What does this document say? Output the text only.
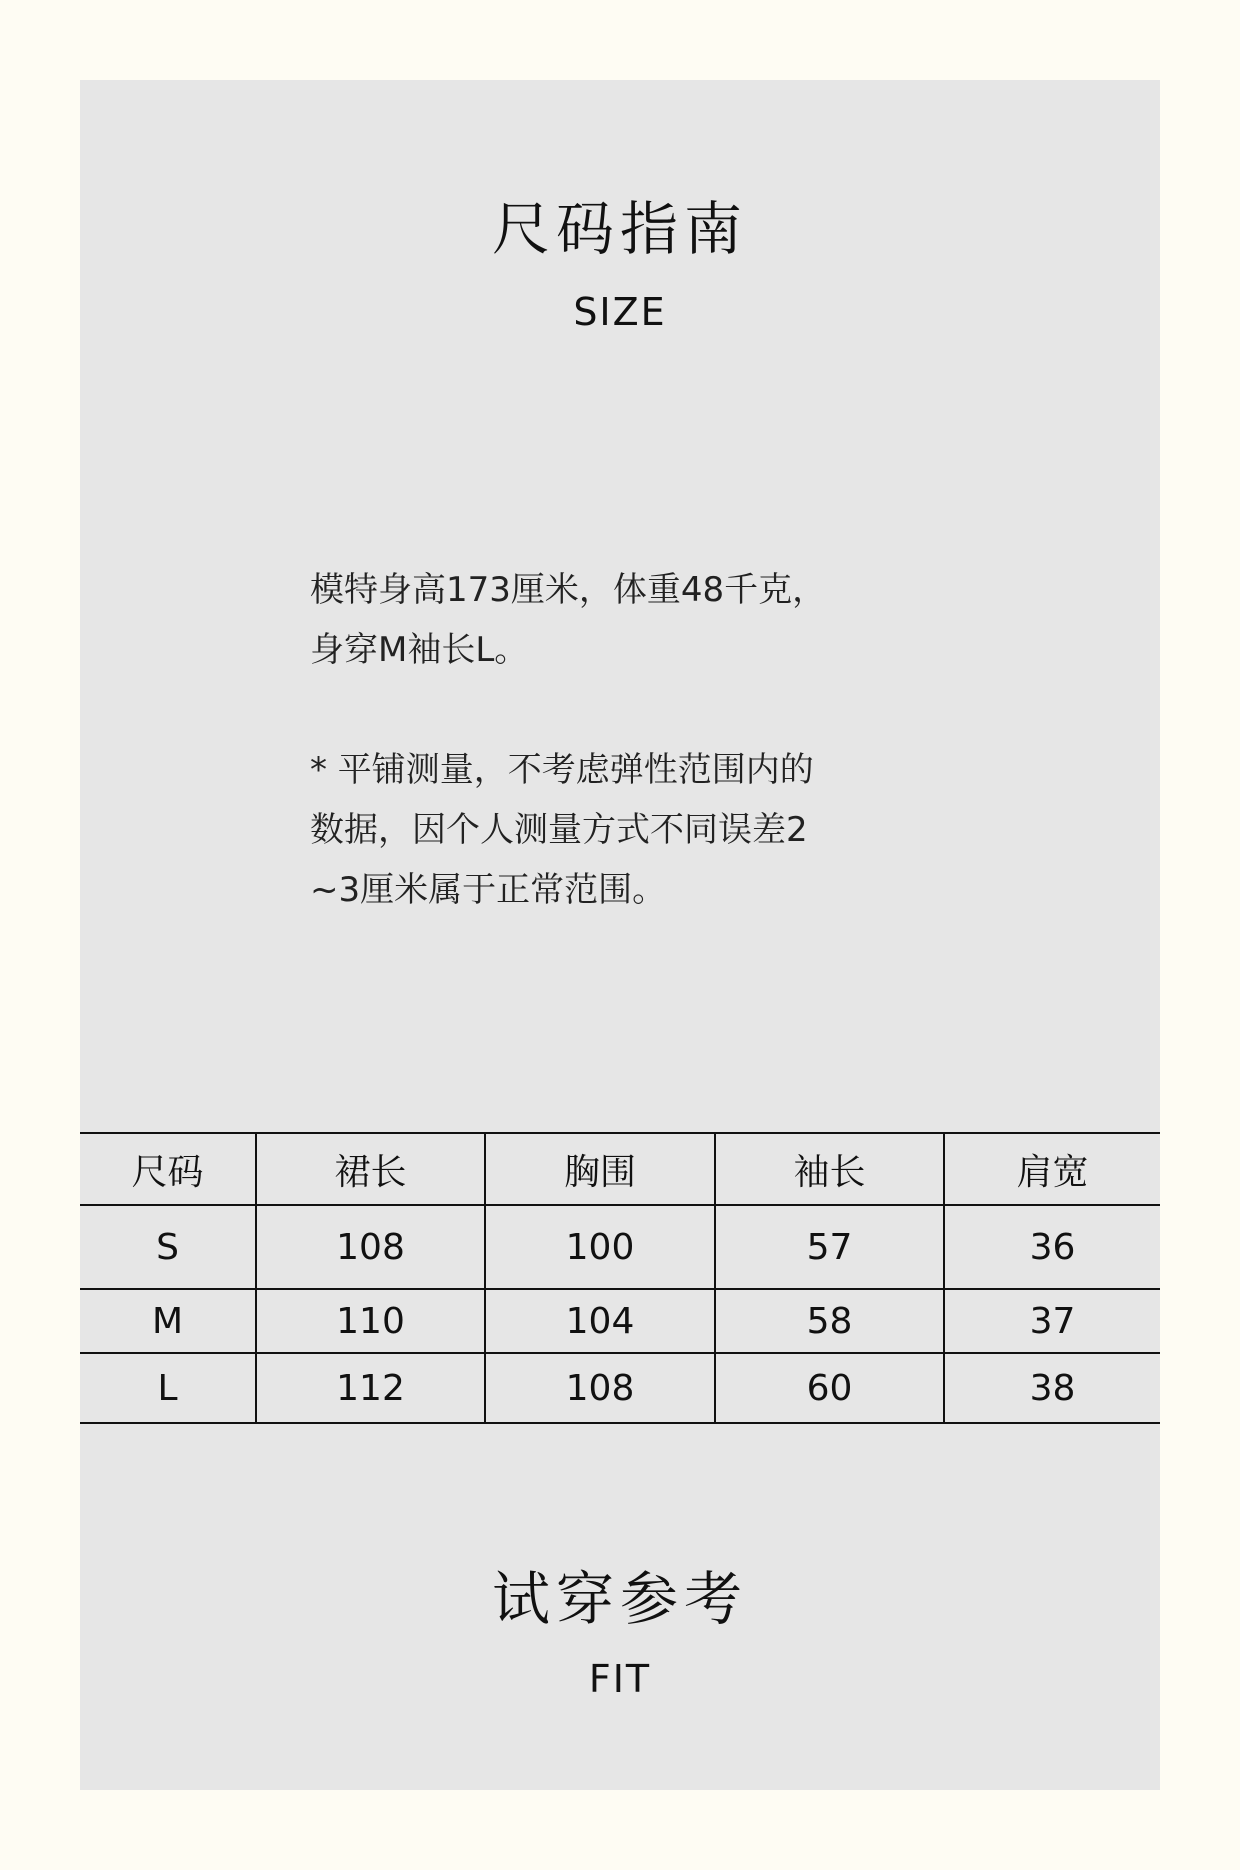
尺码指南
SIZE

模特身高173厘米，体重48千克，

身穿M袖长L。

* 平铺测量，不考虑弹性范围内的

数据，因个人测量方式不同误差2

~3厘米属于正常范围。

尺码	裙长	胸围	袖长	肩宽
S	108	100	57	36
M	110	104	58	37
L	112	108	60	38
试穿参考
FIT
